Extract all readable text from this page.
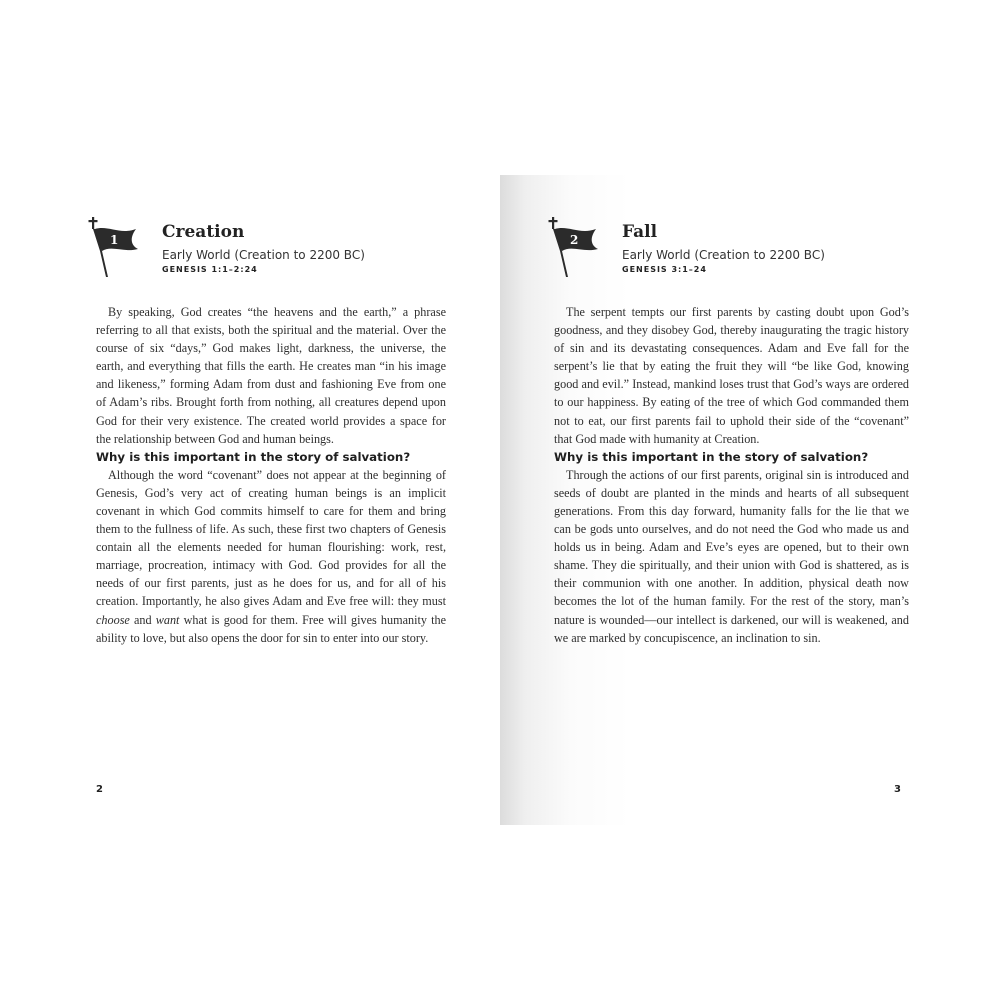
1	Creation
Early World (Creation to 2200 BC)
GENESIS 1:1–2:24

By speaking, God creates “the heavens and the earth,” a phrase referring to all that exists, both the spiritual and the material. Over the course of six “days,” God makes light, darkness, the universe, the earth, and everything that fills the earth. He creates man “in his image and likeness,” forming Adam from dust and fashioning Eve from one of Adam’s ribs. Brought forth from nothing, all creatures depend upon God for their very existence. The created world provides a space for the relationship between God and human beings.

Why is this important in the story of salvation?

Although the word “covenant” does not appear at the beginning of Genesis, God’s very act of creating human beings is an implicit covenant in which God commits himself to care for them and bring them to the fullness of life. As such, these first two chapters of Genesis contain all the elements needed for human flourishing: work, rest, marriage, procreation, intimacy with God. God provides for all the needs of our first parents, just as he does for us, and for all of his creation. Importantly, he also gives Adam and Eve free will: they must choose and want what is good for them. Free will gives humanity the ability to love, but also opens the door for sin to enter into our story.

2
2	Fall
Early World (Creation to 2200 BC)
GENESIS 3:1–24

The serpent tempts our first parents by casting doubt upon God’s goodness, and they disobey God, thereby inaugurating the tragic history of sin and its devastating consequences. Adam and Eve fall for the serpent’s lie that by eating the fruit they will “be like God, knowing good and evil.” Instead, mankind loses trust that God’s ways are ordered to our happiness. By eating of the tree of which God commanded them not to eat, our first parents fail to uphold their side of the “covenant” that God made with humanity at Creation.

Why is this important in the story of salvation?

Through the actions of our first parents, original sin is introduced and seeds of doubt are planted in the minds and hearts of all subsequent generations. From this day forward, humanity falls for the lie that we can be gods unto ourselves, and do not need the God who made us and holds us in being. Adam and Eve’s eyes are opened, but to their own shame. They die spiritually, and their union with God is shattered, as is their communion with one another. In addition, physical death now becomes the lot of the human family. For the rest of the story, man’s nature is wounded—our intellect is darkened, our will is weakened, and we are marked by concupiscence, an inclination to sin.

3
